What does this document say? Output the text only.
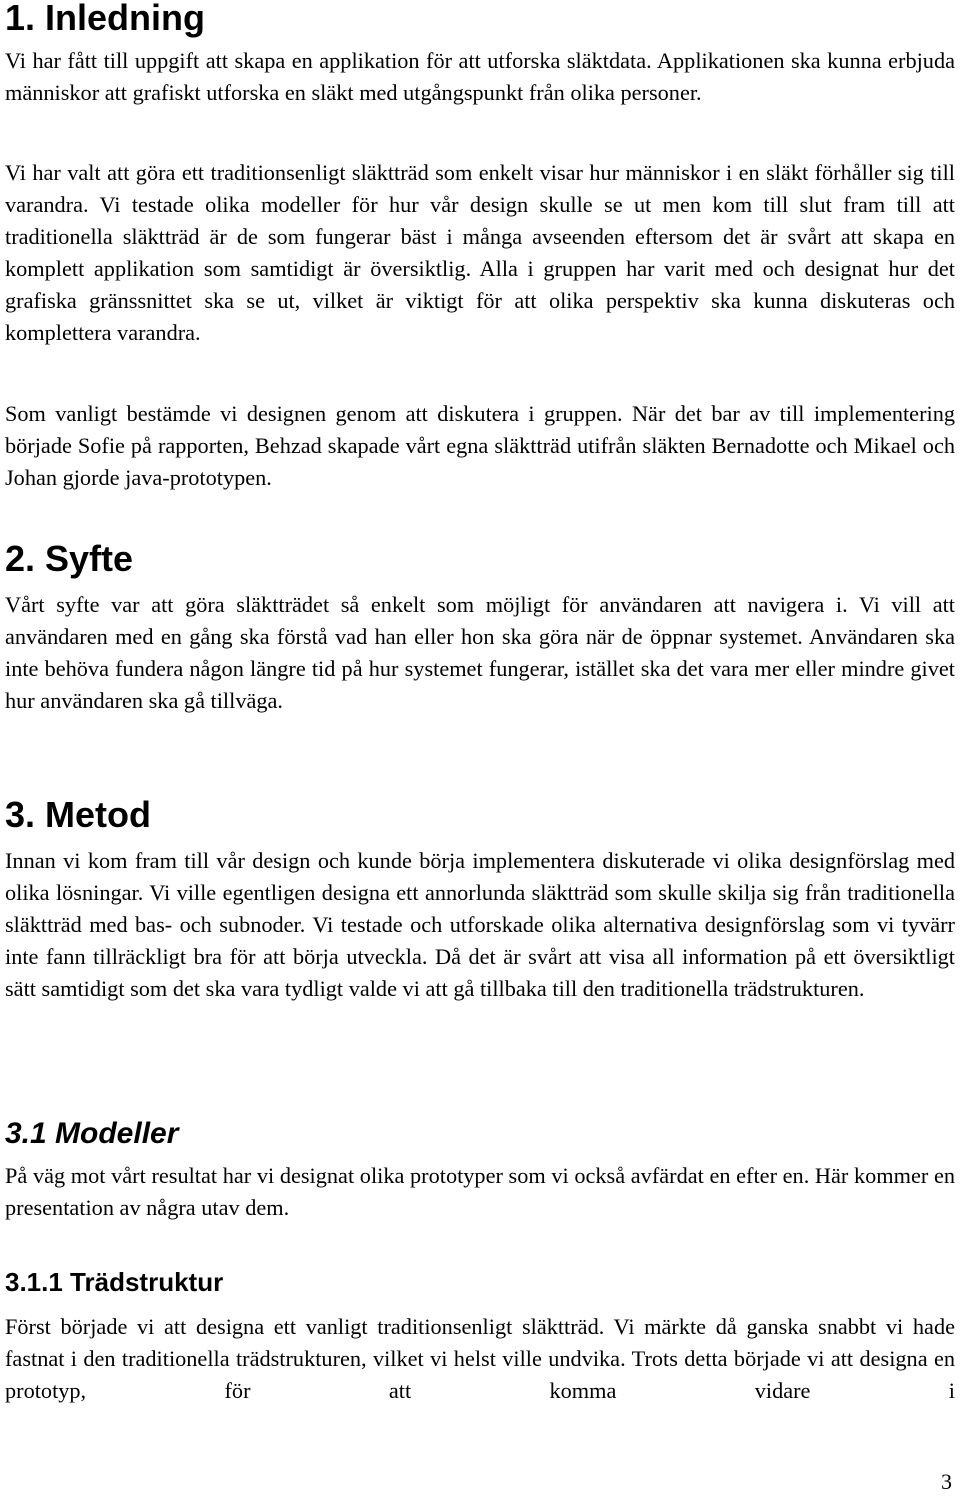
1. Inledning

Vi har fått till uppgift att skapa en applikation för att utforska släktdata. Applikationen ska kunna erbjuda människor att grafiskt utforska en släkt med utgångspunkt från olika personer.

Vi har valt att göra ett traditionsenligt släktträd som enkelt visar hur människor i en släkt förhåller sig till varandra. Vi testade olika modeller för hur vår design skulle se ut men kom till slut fram till att traditionella släktträd är de som fungerar bäst i många avseenden eftersom det är svårt att skapa en komplett applikation som samtidigt är översiktlig. Alla i gruppen har varit med och designat hur det grafiska gränssnittet ska se ut, vilket är viktigt för att olika perspektiv ska kunna diskuteras och komplettera varandra.

Som vanligt bestämde vi designen genom att diskutera i gruppen. När det bar av till implementering började Sofie på rapporten, Behzad skapade vårt egna släktträd utifrån släkten Bernadotte och Mikael och Johan gjorde java-prototypen.

2. Syfte

Vårt syfte var att göra släktträdet så enkelt som möjligt för användaren att navigera i. Vi vill att användaren med en gång ska förstå vad han eller hon ska göra när de öppnar systemet. Användaren ska inte behöva fundera någon längre tid på hur systemet fungerar, istället ska det vara mer eller mindre givet hur användaren ska gå tillväga.

3. Metod

Innan vi kom fram till vår design och kunde börja implementera diskuterade vi olika designförslag med olika lösningar. Vi ville egentligen designa ett annorlunda släktträd som skulle skilja sig från traditionella släktträd med bas- och subnoder. Vi testade och utforskade olika alternativa designförslag som vi tyvärr inte fann tillräckligt bra för att börja utveckla. Då det är svårt att visa all information på ett översiktligt sätt samtidigt som det ska vara tydligt valde vi att gå tillbaka till den traditionella trädstrukturen.

3.1 Modeller

På väg mot vårt resultat har vi designat olika prototyper som vi också avfärdat en efter en. Här kommer en presentation av några utav dem.

3.1.1 Trädstruktur

Först började vi att designa ett vanligt traditionsenligt släktträd. Vi märkte då ganska snabbt vi hade fastnat i den traditionella trädstrukturen, vilket vi helst ville undvika. Trots detta började vi att designa en prototyp, för att komma vidare i

3
